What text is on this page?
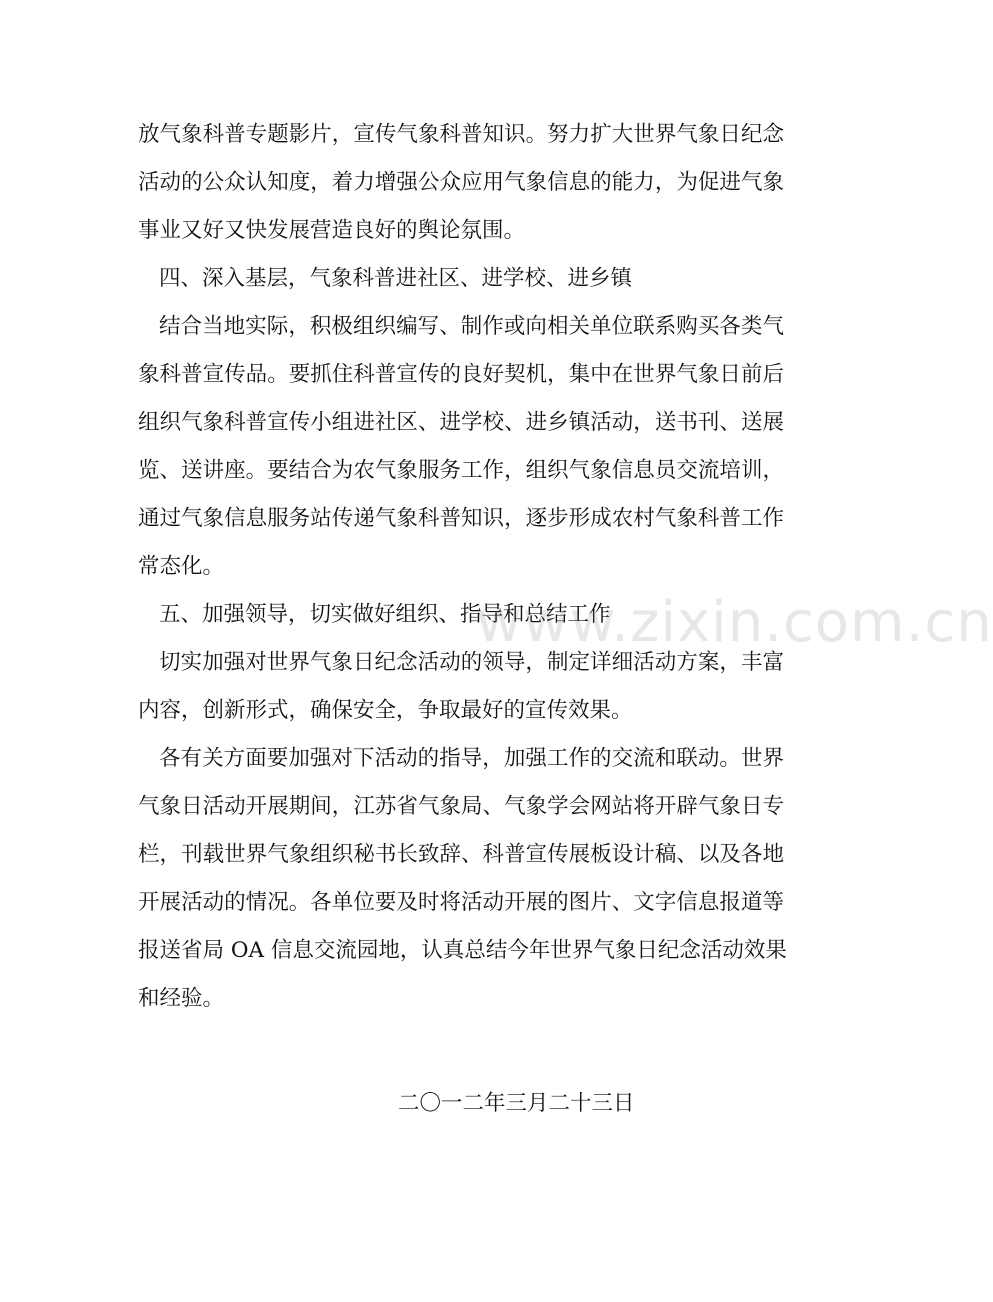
放气象科普专题影片，宣传气象科普知识。努力扩大世界气象日纪念
活动的公众认知度，着力增强公众应用气象信息的能力，为促进气象
事业又好又快发展营造良好的舆论氛围。
四、深入基层，气象科普进社区、进学校、进乡镇
结合当地实际，积极组织编写、制作或向相关单位联系购买各类气
象科普宣传品。要抓住科普宣传的良好契机，集中在世界气象日前后
组织气象科普宣传小组进社区、进学校、进乡镇活动，送书刊、送展
览、送讲座。要结合为农气象服务工作，组织气象信息员交流培训，
通过气象信息服务站传递气象科普知识，逐步形成农村气象科普工作
常态化。
五、加强领导，切实做好组织、指导和总结工作
切实加强对世界气象日纪念活动的领导，制定详细活动方案，丰富
内容，创新形式，确保安全，争取最好的宣传效果。
各有关方面要加强对下活动的指导，加强工作的交流和联动。世界
气象日活动开展期间，江苏省气象局、气象学会网站将开辟气象日专
栏，刊载世界气象组织秘书长致辞、科普宣传展板设计稿、以及各地
开展活动的情况。各单位要及时将活动开展的图片、文字信息报道等
报送省局 OA 信息交流园地，认真总结今年世界气象日纪念活动效果
和经验。
二〇一二年三月二十三日
www.zixin.com.cn
